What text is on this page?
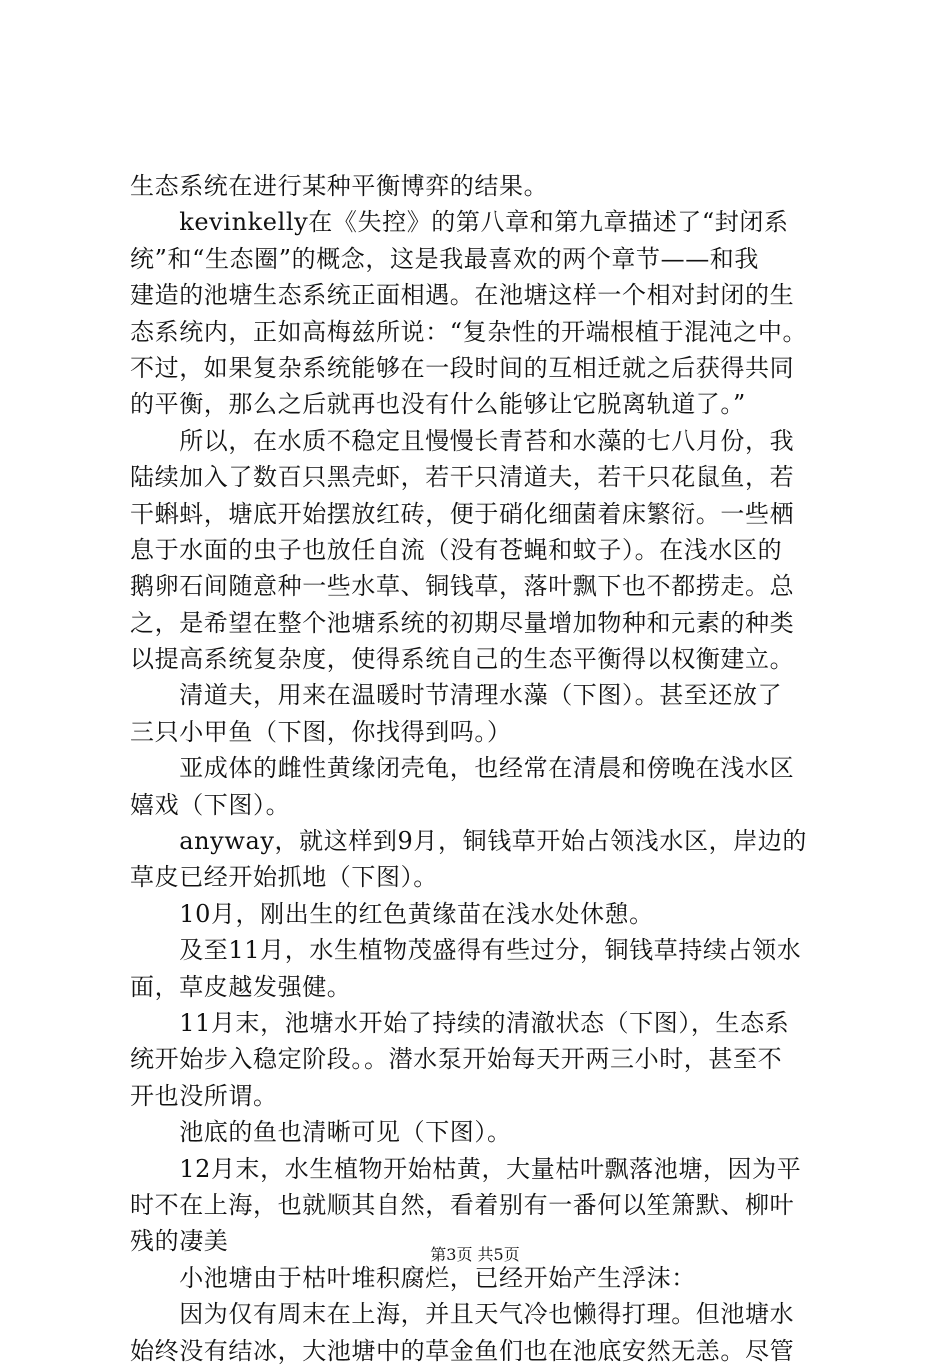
生态系统在进行某种平衡博弈的结果。
　　kevinkelly在《失控》的第八章和第九章描述了“封闭系
统”和“生态圈”的概念，这是我最喜欢的两个章节——和我
建造的池塘生态系统正面相遇。在池塘这样一个相对封闭的生
态系统内，正如高梅兹所说：“复杂性的开端根植于混沌之中。
不过，如果复杂系统能够在一段时间的互相迁就之后获得共同
的平衡，那么之后就再也没有什么能够让它脱离轨道了。”
　　所以，在水质不稳定且慢慢长青苔和水藻的七八月份，我
陆续加入了数百只黑壳虾，若干只清道夫，若干只花鼠鱼，若
干蝌蚪，塘底开始摆放红砖，便于硝化细菌着床繁衍。一些栖
息于水面的虫子也放任自流（没有苍蝇和蚊子）。在浅水区的
鹅卵石间随意种一些水草、铜钱草，落叶飘下也不都捞走。总
之，是希望在整个池塘系统的初期尽量增加物种和元素的种类
以提高系统复杂度，使得系统自己的生态平衡得以权衡建立。
　　清道夫，用来在温暖时节清理水藻（下图）。甚至还放了
三只小甲鱼（下图，你找得到吗。）
　　亚成体的雌性黄缘闭壳龟，也经常在清晨和傍晚在浅水区
嬉戏（下图）。
　　anyway，就这样到9月，铜钱草开始占领浅水区，岸边的
草皮已经开始抓地（下图）。
　　10月，刚出生的红色黄缘苗在浅水处休憩。
　　及至11月，水生植物茂盛得有些过分，铜钱草持续占领水
面，草皮越发强健。
　　11月末，池塘水开始了持续的清澈状态（下图），生态系
统开始步入稳定阶段。。潜水泵开始每天开两三小时，甚至不
开也没所谓。
　　池底的鱼也清晰可见（下图）。
　　12月末，水生植物开始枯黄，大量枯叶飘落池塘，因为平
时不在上海，也就顺其自然，看着别有一番何以笙箫默、柳叶
残的凄美
　　小池塘由于枯叶堆积腐烂，已经开始产生浮沫：
　　因为仅有周末在上海，并且天气冷也懒得打理。但池塘水
始终没有结冰，大池塘中的草金鱼们也在池底安然无恙。尽管
第3页 共5页
